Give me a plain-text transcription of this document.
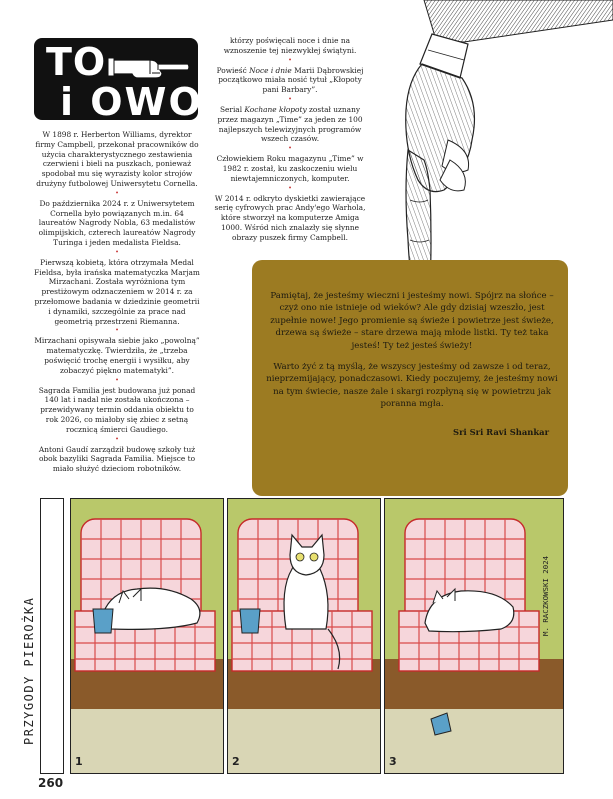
TO
i OWO

W 1898 r. Herberton Williams, dyrektor firmy Campbell, przekonał pracowników do użycia charakterystycznego zestawienia czerwieni i bieli na puszkach, ponieważ spodobał mu się wyrazisty kolor strojów drużyny futbolowej Uniwersytetu Cornella.

•

Do października 2024 r. z Uniwersytetem Cornella było powiązanych m.in. 64 laureatów Nagrody Nobla, 63 medalistów olimpijskich, czterech laureatów Nagrody Turinga i jeden medalista Fieldsa.

•

Pierwszą kobietą, która otrzymała Medal Fieldsa, była irańska matematyczka Marjam Mirzachani. Została wyróżniona tym prestiżowym odznaczeniem w 2014 r. za przełomowe badania w dziedzinie geometrii i dynamiki, szczególnie za prace nad geometrią przestrzeni Riemanna.

•

Mirzachani opisywała siebie jako „powolną” matematyczkę. Twierdziła, że „trzeba poświęcić trochę energii i wysiłku, aby zobaczyć piękno matematyki”.

•

Sagrada Familia jest budowana już ponad 140 lat i nadal nie została ukończona – przewidywany termin oddania obiektu to rok 2026, co miałoby się zbiec z setną rocznicą śmierci Gaudiego.

•

Antoni Gaudí zarządził budowę szkoły tuż obok bazyliki Sagrada Familia. Miejsce to miało służyć dzieciom robotników.

którzy poświęcali noce i dnie na wznoszenie tej niezwykłej świątyni.

•

Powieść Noce i dnie Marii Dąbrowskiej początkowo miała nosić tytuł „Kłopoty pani Barbary”.

•

Serial Kochane kłopoty został uznany przez magazyn „Time” za jeden ze 100 najlepszych telewizyjnych programów wszech czasów.

•

Człowiekiem Roku magazynu „Time” w 1982 r. został, ku zaskoczeniu wielu niewtajemniczonych, komputer.

•

W 2014 r. odkryto dyskietki zawierające serię cyfrowych prac Andy'ego Warhola, które stworzył na komputerze Amiga 1000. Wśród nich znalazły się słynne obrazy puszek firmy Campbell.

Pamiętaj, że jesteśmy wieczni i jesteśmy nowi. Spójrz na słońce – czyż ono nie istnieje od wieków? Ale gdy dzisiaj wzeszło, jest zupełnie nowe! Jego promienie są świeże i powietrze jest świeże, drzewa są świeże – stare drzewa mają młode listki. Ty też taka jesteś! Ty też jesteś świeży!

Warto żyć z tą myślą, że wszyscy jesteśmy od zawsze i od teraz, nieprzemijający, ponadczasowi. Kiedy poczujemy, że jesteśmy nowi na tym świecie, nasze żale i skargi rozpłyną się w powietrzu jak poranna mgła.

Sri Sri Ravi Shankar
PRZYGODY PIEROŻKA
1	2	3
M. RACZKOWSKI 2024
260
